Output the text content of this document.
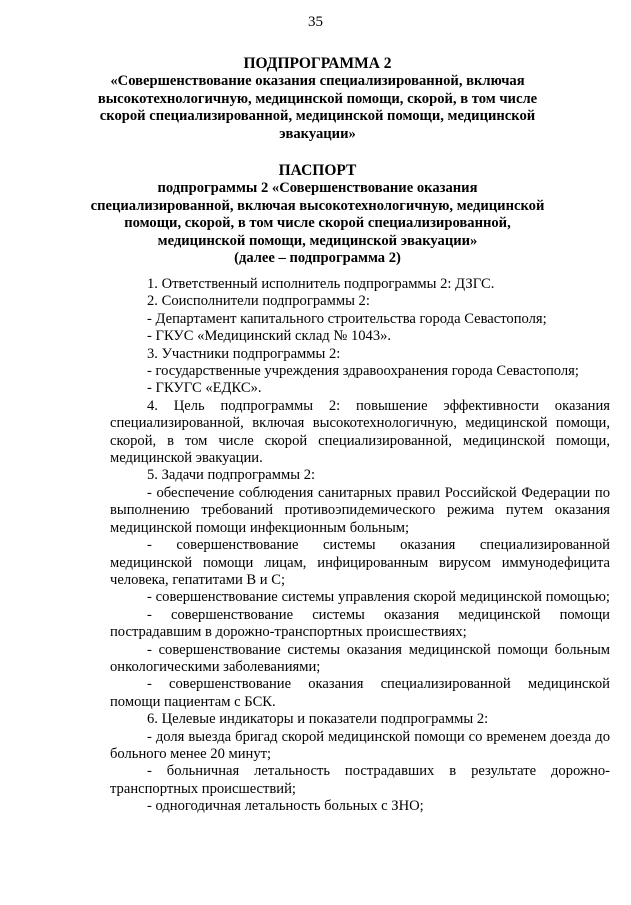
35
ПОДПРОГРАММА 2
«Совершенствование оказания специализированной, включая высокотехнологичную, медицинской помощи, скорой, в том числе скорой специализированной, медицинской помощи, медицинской эвакуации»
ПАСПОРТ
подпрограммы 2 «Совершенствование оказания специализированной, включая высокотехнологичную, медицинской помощи, скорой, в том числе скорой специализированной, медицинской помощи, медицинской эвакуации»
(далее – подпрограмма 2)

1. Ответственный исполнитель подпрограммы 2: ДЗГС.

2. Соисполнители подпрограммы 2:

- Департамент капитального строительства города Севастополя;

- ГКУС «Медицинский склад № 1043».

3. Участники подпрограммы 2:

- государственные учреждения здравоохранения города Севастополя;

- ГКУГС «ЕДКС».

4. Цель подпрограммы 2: повышение эффективности оказания специализированной, включая высокотехнологичную, медицинской помощи, скорой, в том числе скорой специализированной, медицинской помощи, медицинской эвакуации.

5. Задачи подпрограммы 2:

- обеспечение соблюдения санитарных правил Российской Федерации по выполнению требований противоэпидемического режима путем оказания медицинской помощи инфекционным больным;

- совершенствование системы оказания специализированной медицинской помощи лицам, инфицированным вирусом иммунодефицита человека, гепатитами В и С;

- совершенствование системы управления скорой медицинской помощью;

- совершенствование системы оказания медицинской помощи пострадавшим в дорожно-транспортных происшествиях;

- совершенствование системы оказания медицинской помощи больным онкологическими заболеваниями;

- совершенствование оказания специализированной медицинской помощи пациентам с БСК.

6. Целевые индикаторы и показатели подпрограммы 2:

- доля выезда бригад скорой медицинской помощи со временем доезда до больного менее 20 минут;

- больничная летальность пострадавших в результате дорожно-транспортных происшествий;

- одногодичная летальность больных с ЗНО;
